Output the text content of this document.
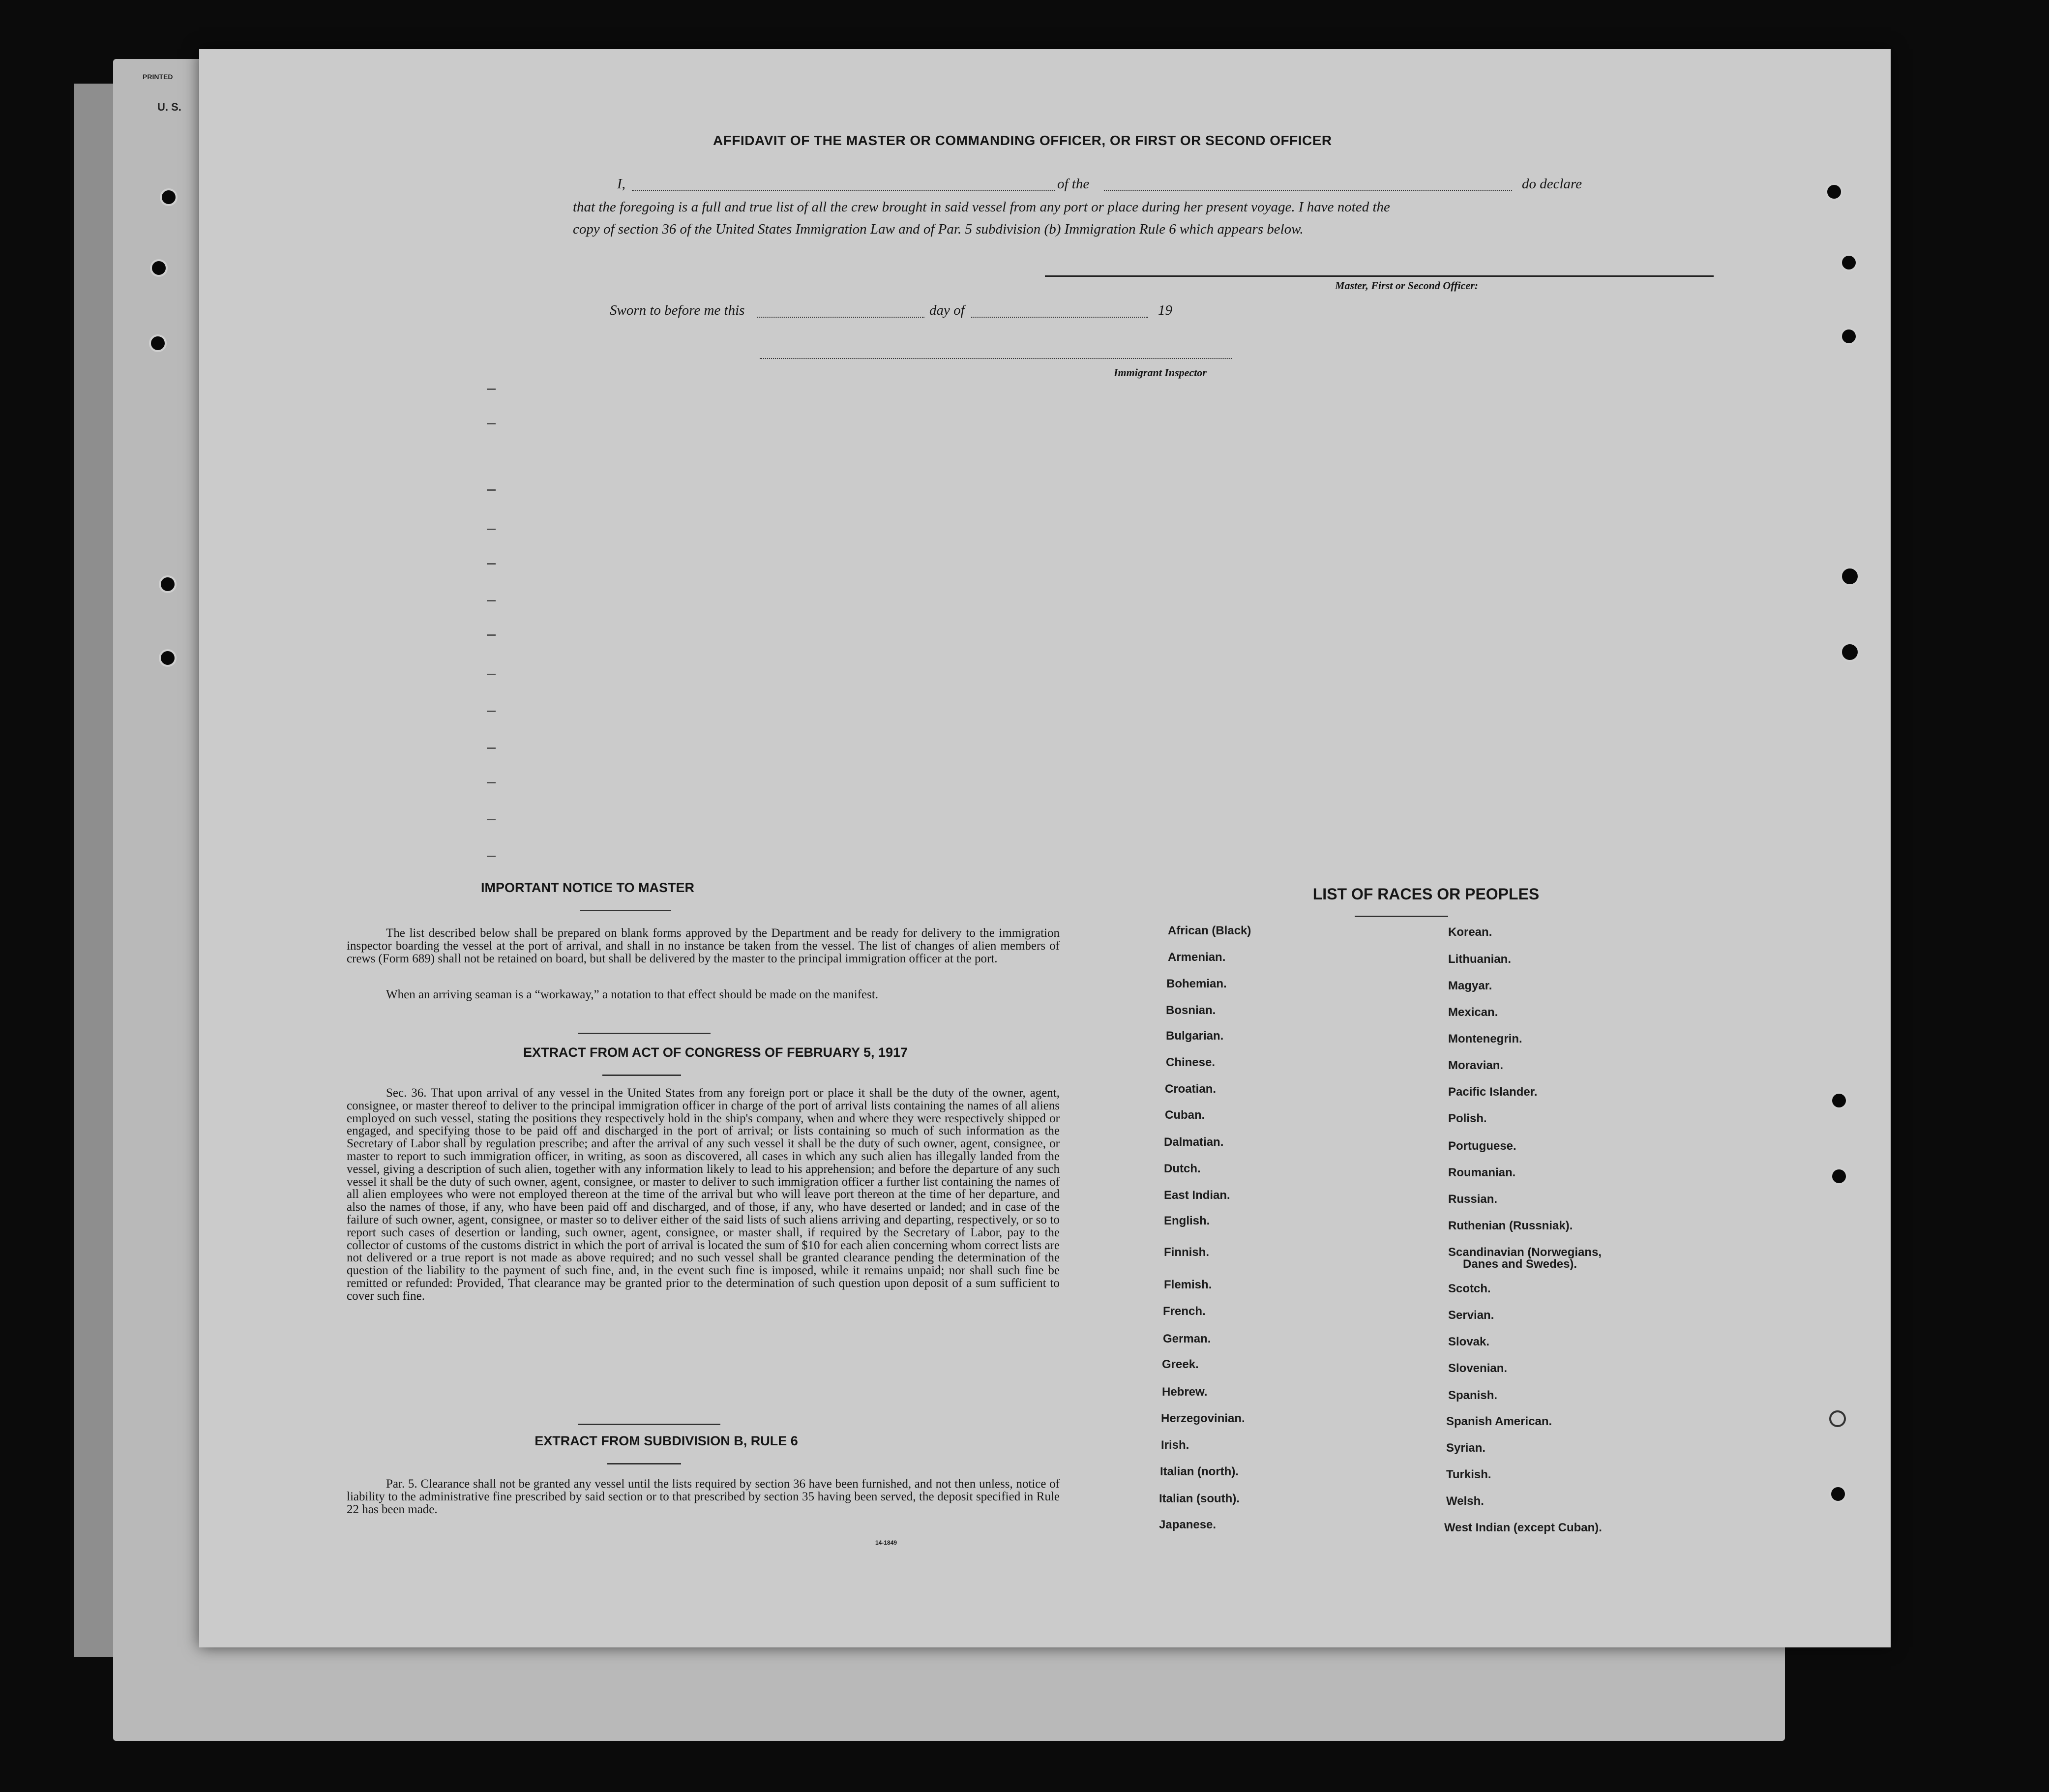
PRINTED
U. S.
AFFIDAVIT OF THE MASTER OR COMMANDING OFFICER, OR FIRST OR SECOND OFFICER
I,	of the	do declare
that the foregoing is a full and true list of all the crew brought in said vessel from any port or place during her present voyage. I have noted the
copy of section 36 of the United States Immigration Law and of Par. 5 subdivision (b) Immigration Rule 6 which appears below.
Master, First or Second Officer:
Sworn to before me this	day of	19
Immigrant Inspector
IMPORTANT NOTICE TO MASTER
The list described below shall be prepared on blank forms approved by the Department and be ready for delivery to the immigration inspector boarding the vessel at the port of arrival, and shall in no instance be taken from the vessel. The list of changes of alien members of crews (Form 689) shall not be retained on board, but shall be delivered by the master to the principal immigration officer at the port.
When an arriving seaman is a “workaway,” a notation to that effect should be made on the manifest.
EXTRACT FROM ACT OF CONGRESS OF FEBRUARY 5, 1917
Sec. 36. That upon arrival of any vessel in the United States from any foreign port or place it shall be the duty of the owner, agent, consignee, or master thereof to deliver to the principal immigration officer in charge of the port of arrival lists containing the names of all aliens employed on such vessel, stating the positions they respectively hold in the ship's company, when and where they were respectively shipped or engaged, and specifying those to be paid off and discharged in the port of arrival; or lists containing so much of such information as the Secretary of Labor shall by regulation prescribe; and after the arrival of any such vessel it shall be the duty of such owner, agent, consignee, or master to report to such immigration officer, in writing, as soon as discovered, all cases in which any such alien has illegally landed from the vessel, giving a description of such alien, together with any information likely to lead to his apprehension; and before the departure of any such vessel it shall be the duty of such owner, agent, consignee, or master to deliver to such immigration officer a further list containing the names of all alien employees who were not employed thereon at the time of the arrival but who will leave port thereon at the time of her departure, and also the names of those, if any, who have been paid off and discharged, and of those, if any, who have deserted or landed; and in case of the failure of such owner, agent, consignee, or master so to deliver either of the said lists of such aliens arriving and departing, respectively, or so to report such cases of desertion or landing, such owner, agent, consignee, or master shall, if required by the Secretary of Labor, pay to the collector of customs of the customs district in which the port of arrival is located the sum of $10 for each alien concerning whom correct lists are not delivered or a true report is not made as above required; and no such vessel shall be granted clearance pending the determination of the question of the liability to the payment of such fine, and, in the event such fine is imposed, while it remains unpaid; nor shall such fine be remitted or refunded: Provided, That clearance may be granted prior to the determination of such question upon deposit of a sum sufficient to cover such fine.
EXTRACT FROM SUBDIVISION B, RULE 6
Par. 5. Clearance shall not be granted any vessel until the lists required by section 36 have been furnished, and not then unless, notice of liability to the administrative fine prescribed by said section or to that prescribed by section 35 having been served, the deposit specified in Rule 22 has been made.
14-1849
LIST OF RACES OR PEOPLES
African (Black)
Armenian.
Bohemian.
Bosnian.
Bulgarian.
Chinese.
Croatian.
Cuban.
Dalmatian.
Dutch.
East Indian.
English.
Finnish.
Flemish.
French.
German.
Greek.
Hebrew.
Herzegovinian.
Irish.
Italian (north).
Italian (south).
Japanese.
Korean.
Lithuanian.
Magyar.
Mexican.
Montenegrin.
Moravian.
Pacific Islander.
Polish.
Portuguese.
Roumanian.
Russian.
Ruthenian (Russniak).
Scandinavian (Norwegians,
Danes and Swedes).
Scotch.
Servian.
Slovak.
Slovenian.
Spanish.
Spanish American.
Syrian.
Turkish.
Welsh.
West Indian (except Cuban).
